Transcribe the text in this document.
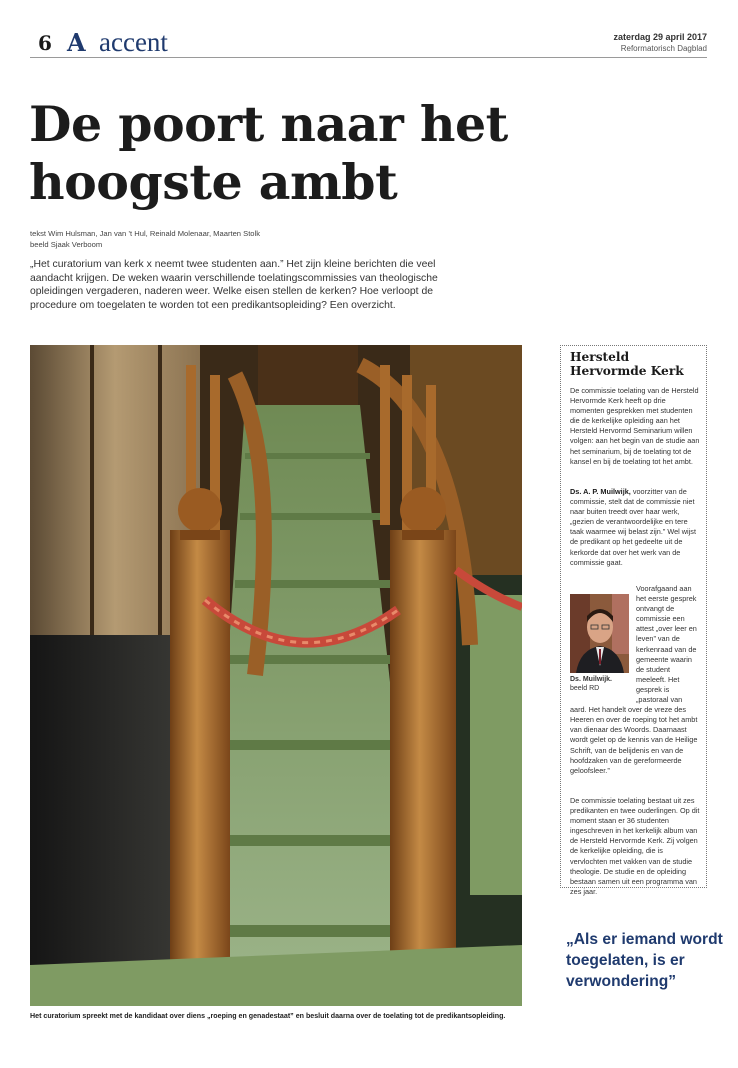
6 A accent	zaterdag 29 april 2017
Reformatorisch Dagblad
De poort naar het hoogste ambt
tekst Wim Hulsman, Jan van ’t Hul, Reinald Molenaar, Maarten Stolk
beeld Sjaak Verboom

„Het curatorium van kerk x neemt twee studenten aan.” Het zijn kleine berichten die veel aandacht krijgen. De weken waarin verschillende toelatingscommissies van theologische opleidingen vergaderen, naderen weer. Welke eisen stellen de kerken? Hoe verloopt de procedure om toegelaten te worden tot een predikantsopleiding? Een overzicht.

Het curatorium spreekt met de kandidaat over diens „roeping en genadestaat” en besluit daarna over de toelating tot de predikantsopleiding.

Hersteld Hervormde Kerk

De commissie toelating van de Hersteld Hervormde Kerk heeft op drie momenten gesprekken met studenten die de kerkelijke opleiding aan het Hersteld Hervormd Seminarium willen volgen: aan het begin van de studie aan het seminarium, bij de toelating tot de kansel en bij de toelating tot het ambt.

Ds. A. P. Muilwijk, voorzitter van de commissie, stelt dat de commissie niet naar buiten treedt over haar werk, „gezien de verantwoordelijke en tere taak waarmee wij belast zijn.” Wel wijst de predikant op het gedeelte uit de kerkorde dat over het werk van de commissie gaat.

Ds. Muilwijk.
beeld RD

Voorafgaand aan het eerste gesprek ontvangt de commissie een attest „over leer en leven” van de kerkenraad van de gemeente waarin de student meeleeft. Het gesprek is „pastoraal van aard. Het handelt over de vreze des Heeren en over de roeping tot het ambt van dienaar des Woords. Daarnaast wordt gelet op de kennis van de Heilige Schrift, van de belijdenis en van de hoofdzaken van de gereformeerde geloofsleer.”

De commissie toelating bestaat uit zes predikanten en twee ouderlingen. Op dit moment staan er 36 studenten ingeschreven in het kerkelijk album van de Hersteld Hervormde Kerk. Zij volgen de kerkelijke opleiding, die is vervlochten met vakken van de studie theologie. De studie en de opleiding bestaan samen uit een programma van zes jaar.

„Als er iemand wordt toegelaten, is er verwondering”
